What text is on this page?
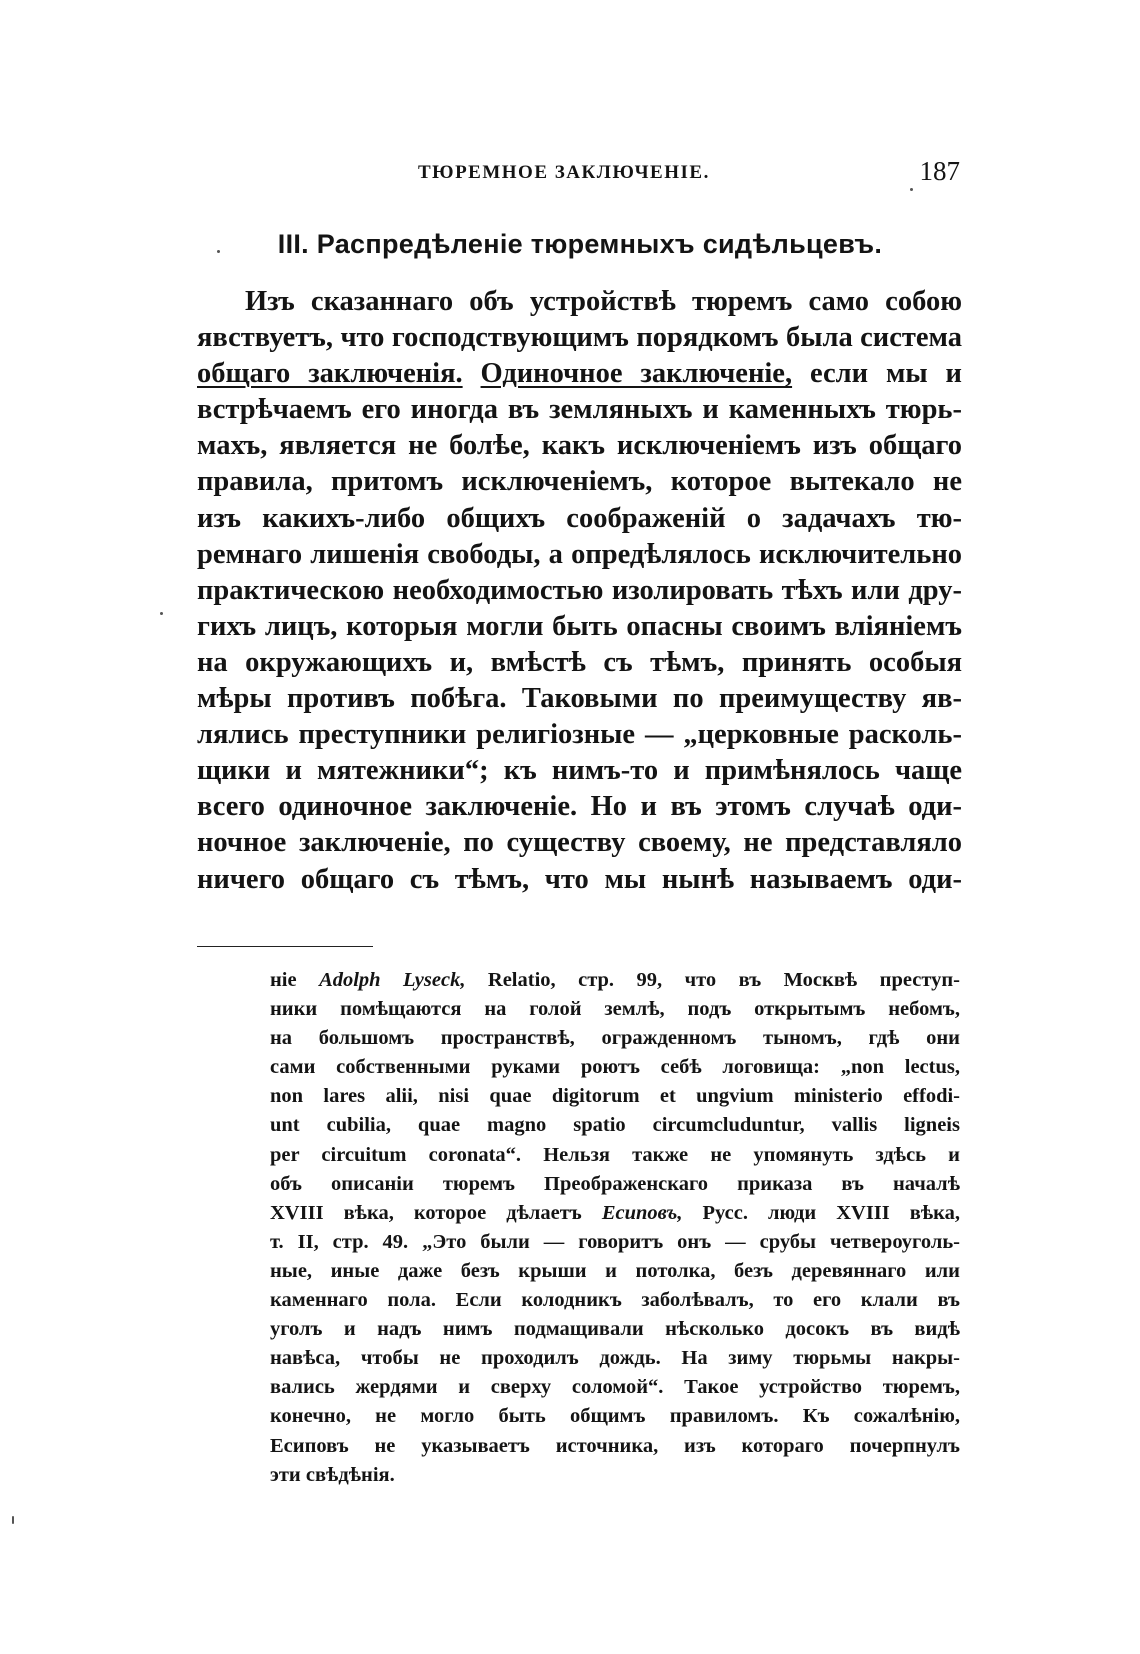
ТЮРЕМНОЕ ЗАКЛЮЧЕНІЕ.	187
III. Распредѣленіе тюремныхъ сидѣльцевъ.
Изъ сказаннаго объ устройствѣ тюремъ само собою
явствуетъ, что господствующимъ порядкомъ была система
общаго заключенія. Одиночное заключеніе, если мы и
встрѣчаемъ его иногда въ земляныхъ и каменныхъ тюрь-
махъ, является не болѣе, какъ исключеніемъ изъ общаго
правила, притомъ исключеніемъ, которое вытекало не
изъ какихъ-либо общихъ соображеній о задачахъ тю-
ремнаго лишенія свободы, а опредѣлялось исключительно
практическою необходимостью изолировать тѣхъ или дру-
гихъ лицъ, которыя могли быть опасны своимъ вліяніемъ
на окружающихъ и, вмѣстѣ съ тѣмъ, принять особыя
мѣры противъ побѣга. Таковыми по преимуществу яв-
лялись преступники религіозные — „церковные расколь-
щики и мятежники“; къ нимъ-то и примѣнялось чаще
всего одиночное заключеніе. Но и въ этомъ случаѣ оди-
ночное заключеніе, по существу своему, не представляло
ничего общаго съ тѣмъ, что мы нынѣ называемъ оди-
ніе Adolph Lyseck, Relatio, стр. 99, что въ Москвѣ преступ-
ники помѣщаются на голой землѣ, подъ открытымъ небомъ,
на большомъ пространствѣ, огражденномъ тыномъ, гдѣ они
сами собственными руками роютъ себѣ логовища: „non lectus,
non lares alii, nisi quae digitorum et ungvium ministerio effodi-
unt cubilia, quae magno spatio circumcluduntur, vallis ligneis
per circuitum coronata“. Нельзя также не упомянуть здѣсь и
объ описаніи тюремъ Преображенскаго приказа въ началѣ
XVIII вѣка, которое дѣлаетъ Есиповъ, Русс. люди XVIII вѣка,
т. II, стр. 49. „Это были — говоритъ онъ — срубы четвероуголь-
ные, иные даже безъ крыши и потолка, безъ деревяннаго или
каменнаго пола. Если колодникъ заболѣвалъ, то его клали въ
уголъ и надъ нимъ подмащивали нѣсколько досокъ въ видѣ
навѣса, чтобы не проходилъ дождь. На зиму тюрьмы накры-
вались жердями и сверху соломой“. Такое устройство тюремъ,
конечно, не могло быть общимъ правиломъ. Къ сожалѣнію,
Есиповъ не указываетъ источника, изъ котораго почерпнулъ
эти свѣдѣнія.
